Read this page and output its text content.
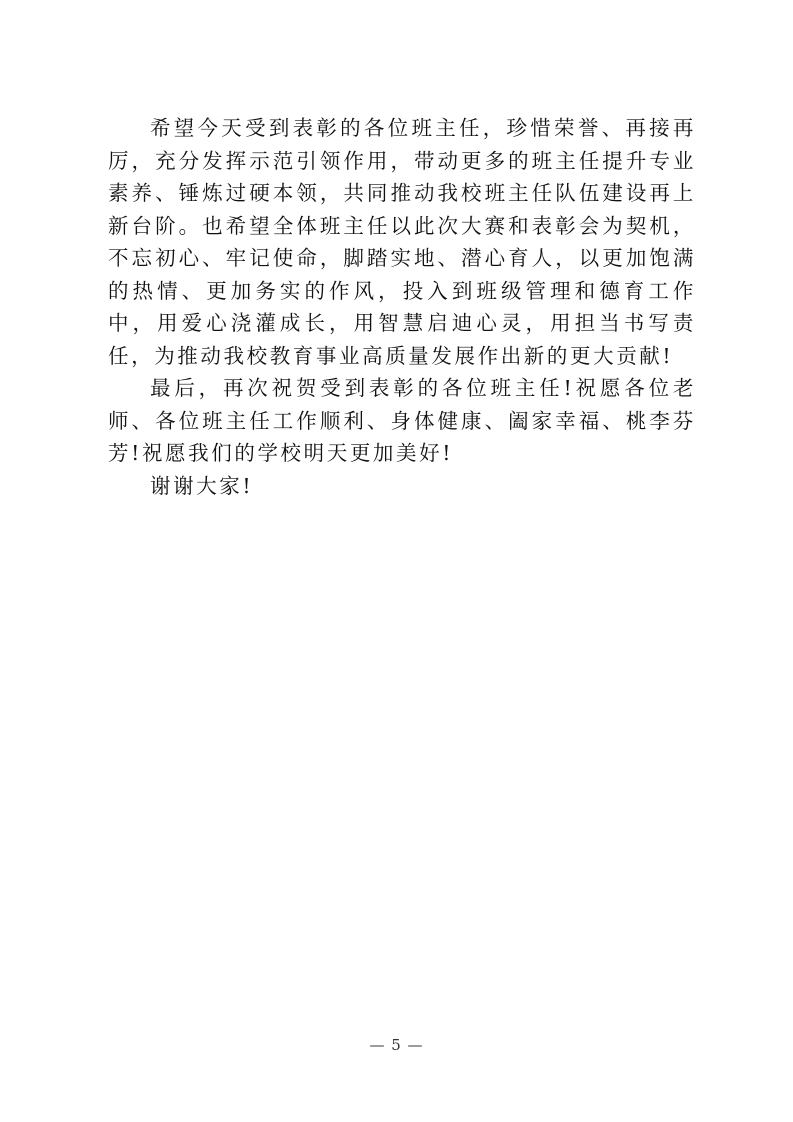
希望今天受到表彰的各位班主任，珍惜荣誉、再接再厉，充分发挥示范引领作用，带动更多的班主任提升专业素养、锤炼过硬本领，共同推动我校班主任队伍建设再上新台阶。也希望全体班主任以此次大赛和表彰会为契机，不忘初心、牢记使命，脚踏实地、潜心育人，以更加饱满的热情、更加务实的作风，投入到班级管理和德育工作中，用爱心浇灌成长，用智慧启迪心灵，用担当书写责任，为推动我校教育事业高质量发展作出新的更大贡献!

最后，再次祝贺受到表彰的各位班主任!祝愿各位老师、各位班主任工作顺利、身体健康、阖家幸福、桃李芬芳!祝愿我们的学校明天更加美好!

谢谢大家!

— 5 —
